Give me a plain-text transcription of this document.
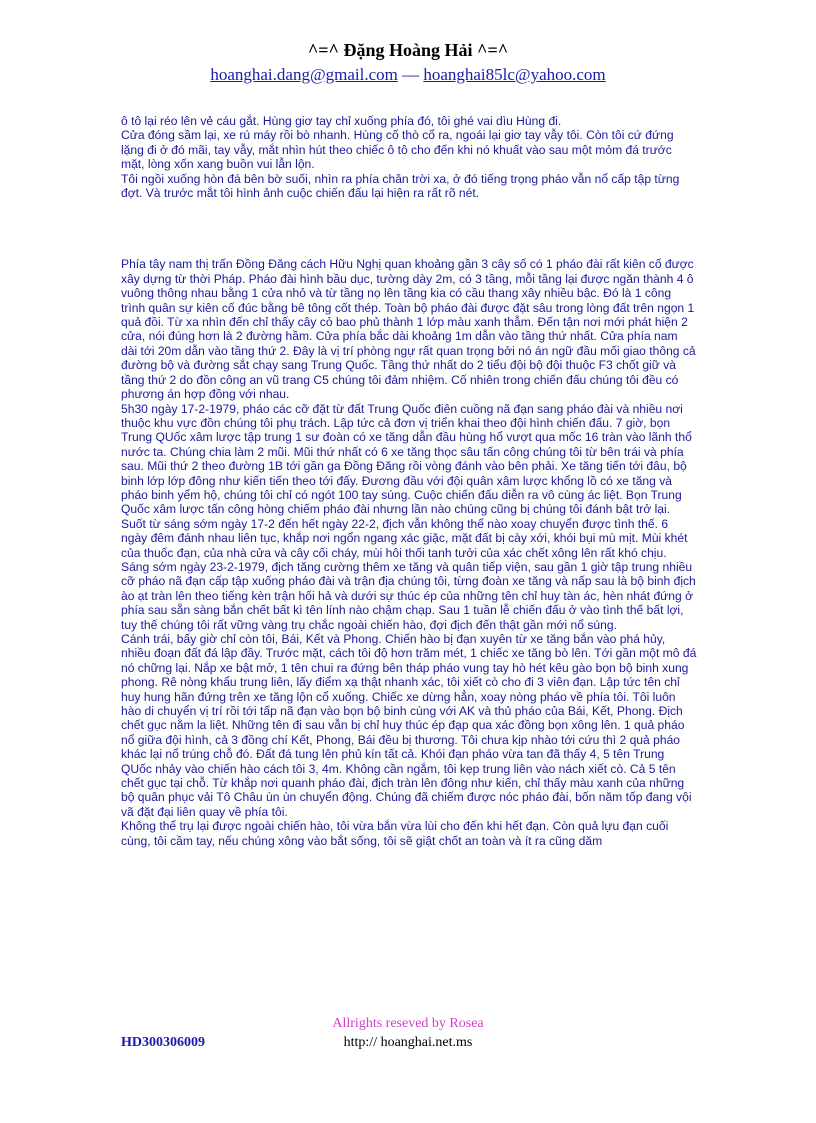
^=^ Đặng Hoàng Hải ^=^
hoanghai.dang@gmail.com — hoanghai85lc@yahoo.com

ô tô lại réo lên vẻ cáu gắt. Hùng giơ tay chỉ xuống phía đó, tôi ghé vai dìu Hùng đi.

Cửa đóng sầm lại, xe rú máy rồi bò nhanh. Hùng cố thò cổ ra, ngoái lại giơ tay vẫy tôi. Còn tôi cứ đứng lặng đi ở đó mãi, tay vẫy, mắt nhìn hút theo chiếc ô tô cho đến khi nó khuất vào sau một mỏm đá trước mặt, lòng xốn xang buồn vui lẫn lộn.

Tôi ngồi xuống hòn đá bên bờ suối, nhìn ra phía chân trời xa, ở đó tiếng trọng pháo vẫn nổ cấp tập từng đợt. Và trước mắt tôi hình ảnh cuộc chiến đấu lại hiện ra rất rõ nét.

Phía tây nam thị trấn Đồng Đăng cách Hữu Nghị quan khoảng gần 3 cây số có 1 pháo đài rất kiên cố được xây dựng từ thời Pháp. Pháo đài hình bầu dục, tường dày 2m, có 3 tầng, mỗi tầng lại được ngăn thành 4 ô vuông thông nhau bằng 1 cửa nhỏ và từ tầng nọ lên tầng kia có cầu thang xây nhiều bậc. Đó là 1 công trình quân sự kiên cố đúc bằng bê tông cốt thép. Toàn bộ pháo đài được đặt sâu trong lòng đất trên ngọn 1 quả đồi. Từ xa nhìn đến chỉ thấy cây cỏ bao phủ thành 1 lớp màu xanh thẫm. Đến tận nơi mới phát hiện 2 cửa, nói đúng hơn là 2 đường hầm. Cửa phía bắc dài khoảng 1m dẫn vào tầng thứ nhất. Cửa phía nam dài tới 20m dẫn vào tầng thứ 2. Đây là vị trí phòng ngự rất quan trọng bởi nó án ngữ đầu mối giao thông cả đường bộ và đường sắt chạy sang Trung Quốc. Tầng thứ nhất do 2 tiểu đội bộ đội thuộc F3 chốt giữ và tầng thứ 2 do đồn công an vũ trang C5 chúng tôi đảm nhiệm. Cố nhiên trong chiến đấu chúng tôi đều có phương án hợp đồng với nhau.

5h30 ngày 17-2-1979, pháo các cỡ đặt từ đất Trung Quốc điên cuồng nã đạn sang pháo đài và nhiều nơi thuộc khu vực đồn chúng tôi phụ trách. Lập tức cả đơn vị triển khai theo đội hình chiến đấu. 7 giờ, bọn Trung QUốc xâm lược tập trung 1 sư đoàn có xe tăng dẫn đầu hùng hổ vượt qua mốc 16 tràn vào lãnh thổ nước ta. Chúng chia làm 2 mũi. Mũi thứ nhất có 6 xe tăng thọc sâu tấn công chúng tôi từ bên trái và phía sau. Mũi thứ 2 theo đường 1B tới gần ga Đồng Đăng rồi vòng đánh vào bên phải. Xe tăng tiến tới đâu, bộ binh lớp lớp đông như kiến tiến theo tới đấy. Đương đầu với đội quân xâm lược khổng lồ có xe tăng và pháo binh yểm hộ, chúng tôi chỉ có ngót 100 tay súng. Cuộc chiến đấu diễn ra vô cùng ác liệt. Bọn Trung Quốc xâm lược tấn công hòng chiếm pháo đài nhưng lần nào chúng cũng bị chúng tôi đánh bật trở lại. Suốt từ sáng sớm ngày 17-2 đến hết ngày 22-2, địch vẫn không thể nào xoay chuyển được tình thế. 6 ngày đêm đánh nhau liên tục, khắp nơi ngổn ngang xác giặc, mặt đất bị cày xới, khói bụi mù mịt. Mùi khét của thuốc đạn, của nhà cửa và cây cối cháy, mùi hôi thối tanh tưởi của xác chết xông lên rất khó chịu.

Sáng sớm ngày 23-2-1979, địch tăng cường thêm xe tăng và quân tiếp viện, sau gần 1 giờ tập trung nhiều cỡ pháo nã đạn cấp tập xuống pháo đài và trận địa chúng tôi, từng đoàn xe tăng và nấp sau là bộ binh địch ào ạt tràn lên theo tiếng kèn trận hối hả và dưới sự thúc ép của những tên chỉ huy tàn ác, hèn nhát đứng ở phía sau sẵn sàng bắn chết bất kì tên lính nào chậm chạp. Sau 1 tuần lễ chiến đấu ở vào tình thế bất lợi, tuy thế chúng tôi rất vững vàng trụ chắc ngoài chiến hào, đợi địch đến thật gần mới nổ súng.

Cánh trái, bấy giờ chỉ còn tôi, Bái, Kết và Phong. Chiến hào bị đạn xuyên từ xe tăng bắn vào phá hủy, nhiều đoạn đất đá lập đầy. Trước mặt, cách tôi độ hơn trăm mét, 1 chiếc xe tăng bò lên. Tới gần một mô đá nó chững lại. Nắp xe bật mở, 1 tên chui ra đứng bên tháp pháo vung tay hò hét kêu gào bọn bộ binh xung phong. Rê nòng khẩu trung liên, lấy điểm xạ thật nhanh xác, tôi xiết cò cho đi 3 viên đạn. Lập tức tên chỉ huy hung hãn đứng trên xe tăng lộn cổ xuống. Chiếc xe dừng hẳn, xoay nòng pháo về phía tôi. Tôi luôn hào di chuyển vị trí rồi tới tấp nã đạn vào bọn bộ binh cùng với AK và thủ pháo của Bái, Kết, Phong. Địch chết gục nằm la liệt. Những tên đi sau vẫn bị chỉ huy thúc ép đạp qua xác đồng bọn xông lên. 1 quả pháo nổ giữa đội hình, cả 3 đồng chí Kết, Phong, Bái đều bị thương. Tôi chưa kịp nhào tới cứu thì 2 quả pháo khác lại nổ trúng chỗ đó. Đất đá tung lên phủ kín tất cả. Khói đạn pháo vừa tan đã thấy 4, 5 tên Trung QUốc nhảy vào chiến hào cách tôi 3, 4m. Không cần ngắm, tôi kẹp trung liên vào nách xiết cò. Cả 5 tên chết gục tại chỗ. Từ khắp nơi quanh pháo đài, địch tràn lên đông như kiến, chỉ thấy màu xanh của những bộ quân phục vải Tô Châu ùn ùn chuyển động. Chúng đã chiếm được nóc pháo đài, bốn năm tốp đang vội vã đặt đại liên quay về phía tôi.

Không thể trụ lại được ngoài chiến hào, tôi vừa bắn vừa lùi cho đến khi hết đạn. Còn quả lựu đạn cuối cùng, tôi cầm tay, nếu chúng xông vào bắt sống, tôi sẽ giật chốt an toàn và ít ra cũng dăm

Allrights reseved by Rosea
HD300306009	http:// hoanghai.net.ms
